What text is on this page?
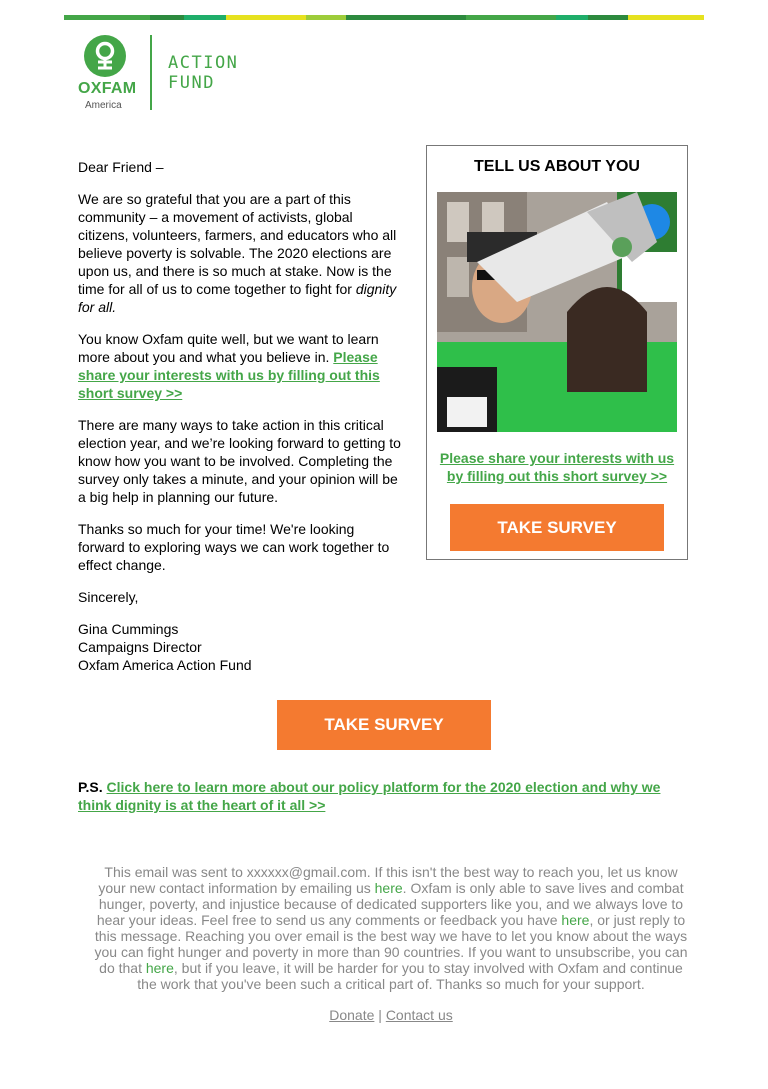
OXFAM
America
ACTION
FUND

Dear Friend –

We are so grateful that you are a part of this community – a movement of activists, global citizens, volunteers, farmers, and educators who all believe poverty is solvable. The 2020 elections are upon us, and there is so much at stake. Now is the time for all of us to come together to fight for dignity for all.

You know Oxfam quite well, but we want to learn more about you and what you believe in. Please share your interests with us by filling out this short survey >>

There are many ways to take action in this critical election year, and we’re looking forward to getting to know how you want to be involved. Completing the survey only takes a minute, and your opinion will be a big help in planning our future.

Thanks so much for your time! We're looking forward to exploring ways we can work together to effect change.

Sincerely,

Gina Cummings
Campaigns Director
Oxfam America Action Fund

TELL US ABOUT YOU
Please share your interests with us by filling out this short survey >>
TAKE SURVEY
TAKE SURVEY
P.S. Click here to learn more about our policy platform for the 2020 election and why we think dignity is at the heart of it all >>
This email was sent to xxxxxx@gmail.com. If this isn't the best way to reach you, let us know your new contact information by emailing us here. Oxfam is only able to save lives and combat hunger, poverty, and injustice because of dedicated supporters like you, and we always love to hear your ideas. Feel free to send us any comments or feedback you have here, or just reply to this message. Reaching you over email is the best way we have to let you know about the ways you can fight hunger and poverty in more than 90 countries. If you want to unsubscribe, you can do that here, but if you leave, it will be harder for you to stay involved with Oxfam and continue the work that you've been such a critical part of. Thanks so much for your support.
Donate | Contact us
